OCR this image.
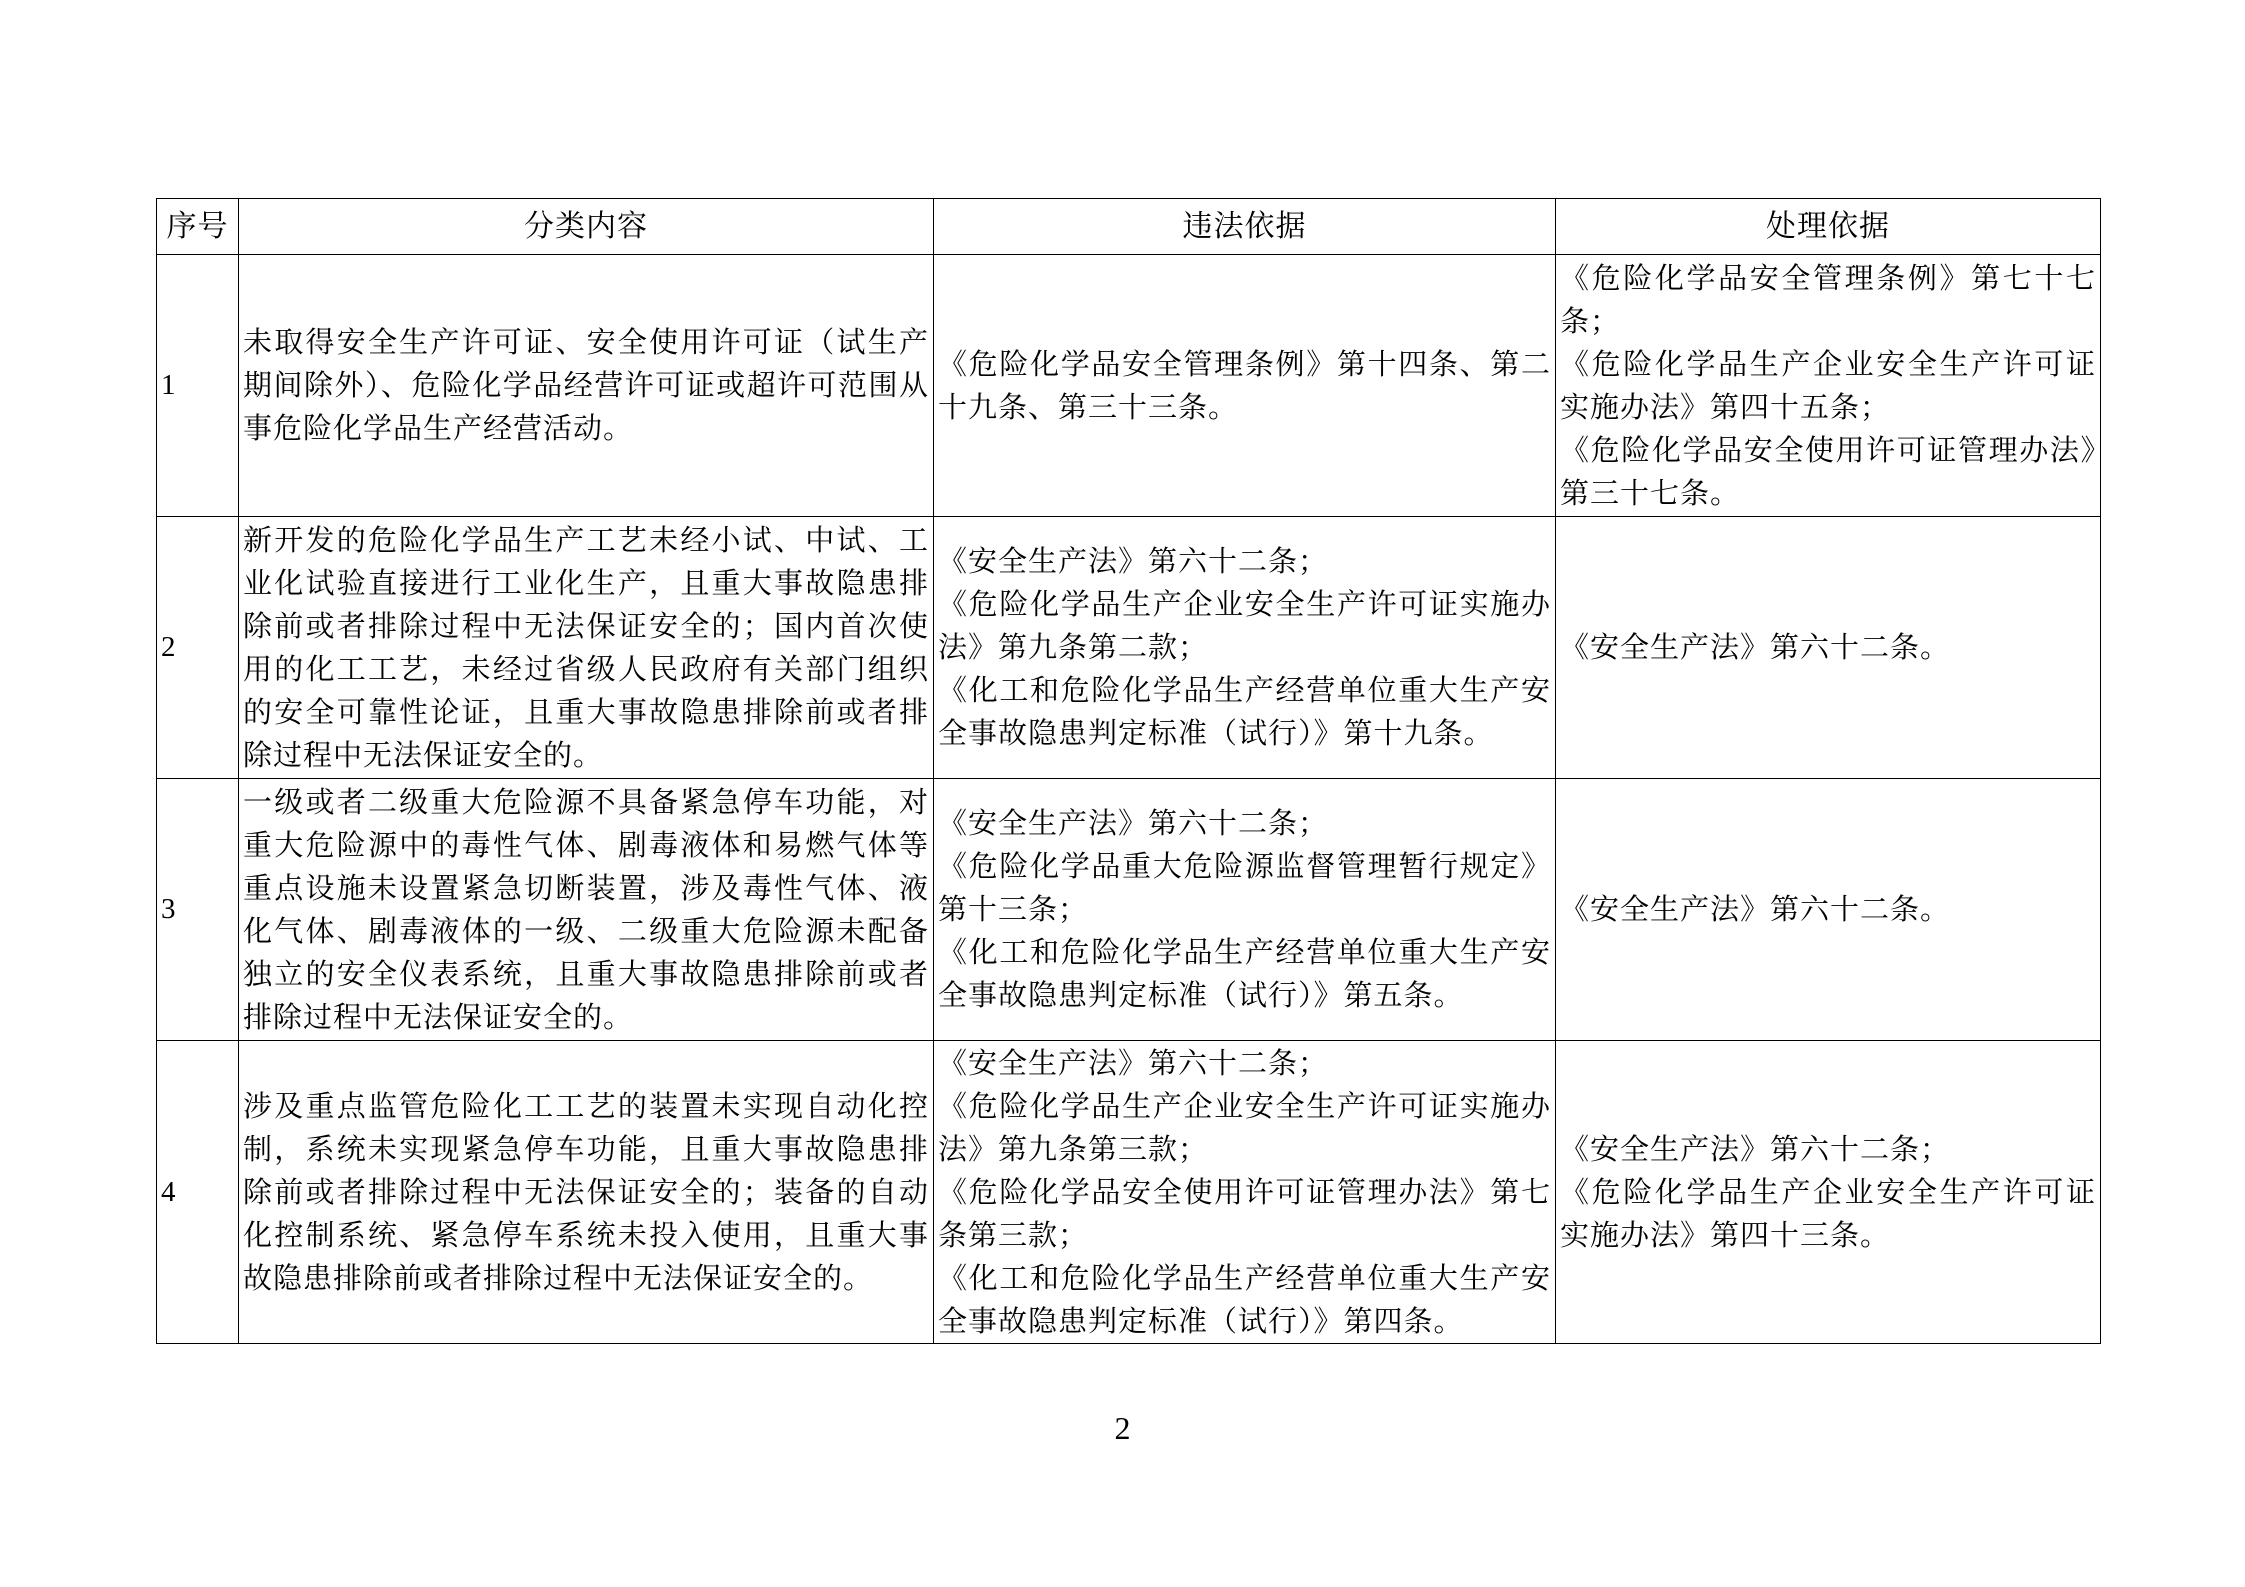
序号	分类内容	违法依据	处理依据
1	未取得安全生产许可证、安全使用许可证（试生产期间除外）、危险化学品经营许可证或超许可范围从事危险化学品生产经营活动。	《危险化学品安全管理条例》第十四条、第二十九条、第三十三条。	《危险化学品安全管理条例》第七十七条；
《危险化学品生产企业安全生产许可证实施办法》第四十五条；
《危险化学品安全使用许可证管理办法》第三十七条。

2	新开发的危险化学品生产工艺未经小试、中试、工业化试验直接进行工业化生产，且重大事故隐患排除前或者排除过程中无法保证安全的；国内首次使用的化工工艺，未经过省级人民政府有关部门组织的安全可靠性论证，且重大事故隐患排除前或者排除过程中无法保证安全的。	《安全生产法》第六十二条；
《危险化学品生产企业安全生产许可证实施办法》第九条第二款；
《化工和危险化学品生产经营单位重大生产安全事故隐患判定标准（试行）》第十九条。	《安全生产法》第六十二条。

3	一级或者二级重大危险源不具备紧急停车功能，对重大危险源中的毒性气体、剧毒液体和易燃气体等重点设施未设置紧急切断装置，涉及毒性气体、液化气体、剧毒液体的一级、二级重大危险源未配备独立的安全仪表系统，且重大事故隐患排除前或者排除过程中无法保证安全的。	《安全生产法》第六十二条；
《危险化学品重大危险源监督管理暂行规定》第十三条；
《化工和危险化学品生产经营单位重大生产安全事故隐患判定标准（试行）》第五条。	《安全生产法》第六十二条。

4	涉及重点监管危险化工工艺的装置未实现自动化控制，系统未实现紧急停车功能，且重大事故隐患排除前或者排除过程中无法保证安全的；装备的自动化控制系统、紧急停车系统未投入使用，且重大事故隐患排除前或者排除过程中无法保证安全的。	《安全生产法》第六十二条；
《危险化学品生产企业安全生产许可证实施办法》第九条第三款；
《危险化学品安全使用许可证管理办法》第七条第三款；
《化工和危险化学品生产经营单位重大生产安全事故隐患判定标准（试行）》第四条。	《安全生产法》第六十二条；
《危险化学品生产企业安全生产许可证实施办法》第四十三条。
2
